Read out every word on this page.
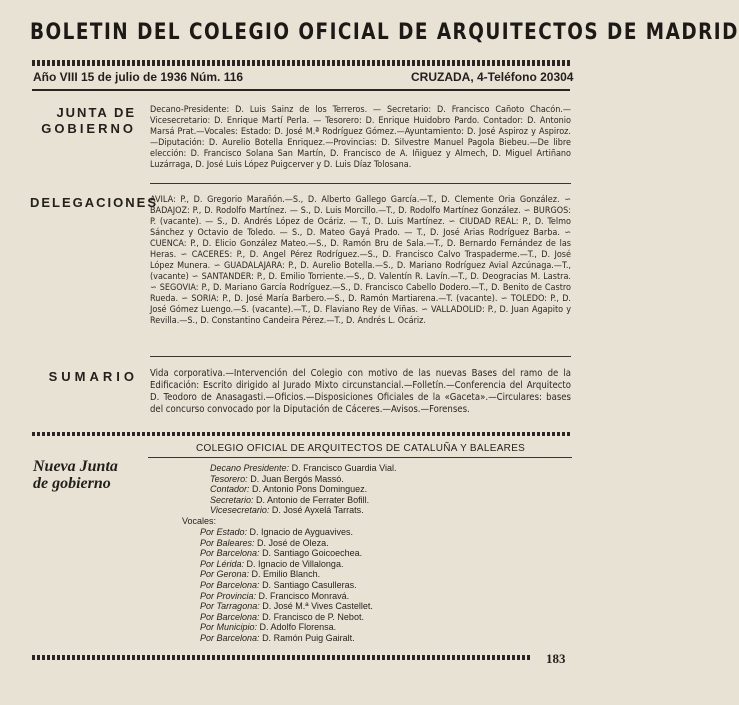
BOLETIN DEL COLEGIO OFICIAL DE ARQUITECTOS DE MADRID
Año VIII 15 de julio de 1936 Núm. 116	CRUZADA, 4-Teléfono 20304
JUNTA DE
GOBIERNO

Decano-Presidente: D. Luis Sainz de los Terreros. — Secretario: D. Francisco Cañoto Chacón.—Vicesecretario: D. Enrique Martí Perla. — Tesorero: D. Enrique Huidobro Pardo. Contador: D. Antonio Marsá Prat.—Vocales: Estado: D. José M.ª Rodríguez Gómez.—Ayuntamiento: D. José Aspiroz y Aspiroz.—Diputación: D. Aurelio Botella Enriquez.—Provincias: D. Silvestre Manuel Pagola Biebeu.—De libre elección: D. Francisco Solana San Martín, D. Francisco de A. Iñiguez y Almech, D. Miguel Artiñano Luzárraga, D. José Luis López Puigcerver y D. Luis Díaz Tolosana.

DELEGACIONES

AVILA: P., D. Gregorio Marañón.—S., D. Alberto Gallego García.—T., D. Clemente Oria González. ∽ BADAJOZ: P., D. Rodolfo Martínez. — S., D. Luis Morcillo.—T., D. Rodolfo Martínez González. ∽ BURGOS: P. (vacante). — S., D. Andrés López de Ocáriz. — T., D. Luis Martínez. ∽ CIUDAD REAL: P., D. Telmo Sánchez y Octavio de Toledo. — S., D. Mateo Gayá Prado. — T., D. José Arias Rodríguez Barba. ∽ CUENCA: P., D. Elicio González Mateo.—S., D. Ramón Bru de Sala.—T., D. Bernardo Fernández de las Heras. ∽ CACERES: P., D. Angel Pérez Rodríguez.—S., D. Francisco Calvo Traspaderme.—T., D. José López Munera. ∽ GUADALAJARA: P., D. Aurelio Botella.—S., D. Mariano Rodríguez Avial Azcúnaga.—T., (vacante) ∽ SANTANDER: P., D. Emilio Torriente.—S., D. Valentín R. Lavín.—T., D. Deogracias M. Lastra. ∽ SEGOVIA: P., D. Mariano García Rodríguez.—S., D. Francisco Cabello Dodero.—T., D. Benito de Castro Rueda. ∽ SORIA: P., D. José María Barbero.—S., D. Ramón Martiarena.—T. (vacante). ∽ TOLEDO: P., D. José Gómez Luengo.—S. (vacante).—T., D. Flaviano Rey de Viñas. ∽ VALLADOLID: P., D. Juan Agapito y Revilla.—S., D. Constantino Candeira Pérez.—T., D. Andrés L. Ocáriz.

SUMARIO Vida corporativa.—Intervención del Colegio con motivo de las nuevas Bases del ramo de la Edificación: Escrito dirigido al Jurado Mixto circunstancial.—Folletín.—Conferencia del Arquitecto D. Teodoro de Anasagasti.—Oficios.—Disposiciones Oficiales de la «Gaceta».—Circulares: bases del concurso convocado por la Diputación de Cáceres.—Avisos.—Forenses.
Nueva Junta
de gobierno
COLEGIO OFICIAL DE ARQUITECTOS DE CATALUÑA Y BALEARES
Decano Presidente: D. Francisco Guardia Vial.
Tesorero: D. Juan Bergós Massó.
Contador: D. Antonio Pons Dominguez.
Secretario: D. Antonio de Ferrater Bofill.
Vicesecretario: D. José Ayxelá Tarrats.
Vocales:
Por Estado: D. Ignacio de Ayguavives.
Por Baleares: D. José de Oleza.
Por Barcelona: D. Santiago Goicoechea.
Por Lérida: D. Ignacio de Villalonga.
Por Gerona: D. Emilio Blanch.
Por Barcelona: D. Santiago Casulleras.
Por Provincia: D. Francisco Monravá.
Por Tarragona: D. José M.ª Vives Castellet.
Por Barcelona: D. Francisco de P. Nebot.
Por Municipio: D. Adolfo Florensa.
Por Barcelona: D. Ramón Puig Gairalt.
183
